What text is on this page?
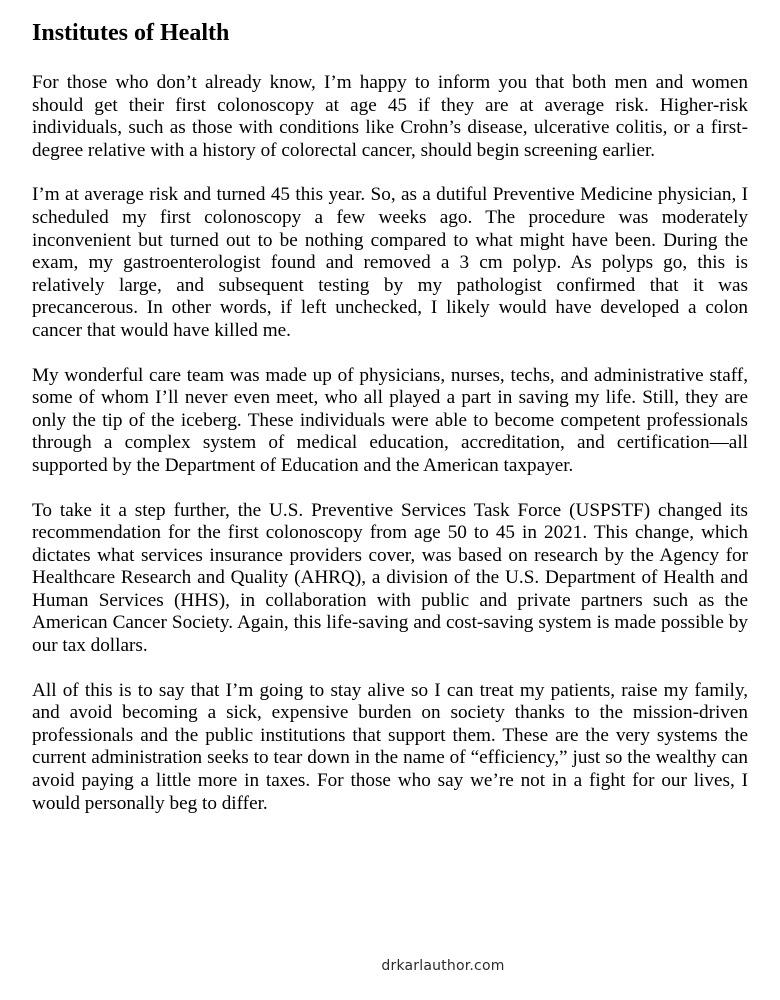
Institutes of Health

For those who don’t already know, I’m happy to inform you that both men and women should get their first colonoscopy at age 45 if they are at average risk. Higher-risk individuals, such as those with conditions like Crohn’s disease, ulcerative colitis, or a first-degree relative with a history of colorectal cancer, should begin screening earlier.

I’m at average risk and turned 45 this year. So, as a dutiful Preventive Medicine physician, I scheduled my first colonoscopy a few weeks ago. The procedure was moderately inconvenient but turned out to be nothing compared to what might have been. During the exam, my gastroenterologist found and removed a 3 cm polyp. As polyps go, this is relatively large, and subsequent testing by my pathologist confirmed that it was precancerous. In other words, if left unchecked, I likely would have developed a colon cancer that would have killed me.

My wonderful care team was made up of physicians, nurses, techs, and administrative staff, some of whom I’ll never even meet, who all played a part in saving my life. Still, they are only the tip of the iceberg. These individuals were able to become competent professionals through a complex system of medical education, accreditation, and certification—all supported by the Department of Education and the American taxpayer.

To take it a step further, the U.S. Preventive Services Task Force (USPSTF) changed its recommendation for the first colonoscopy from age 50 to 45 in 2021. This change, which dictates what services insurance providers cover, was based on research by the Agency for Healthcare Research and Quality (AHRQ), a division of the U.S. Department of Health and Human Services (HHS), in collaboration with public and private partners such as the American Cancer Society. Again, this life-saving and cost-saving system is made possible by our tax dollars.

All of this is to say that I’m going to stay alive so I can treat my patients, raise my family, and avoid becoming a sick, expensive burden on society thanks to the mission-driven professionals and the public institutions that support them. These are the very systems the current administration seeks to tear down in the name of “efficiency,” just so the wealthy can avoid paying a little more in taxes. For those who say we’re not in a fight for our lives, I would personally beg to differ.

drkarlauthor.com
